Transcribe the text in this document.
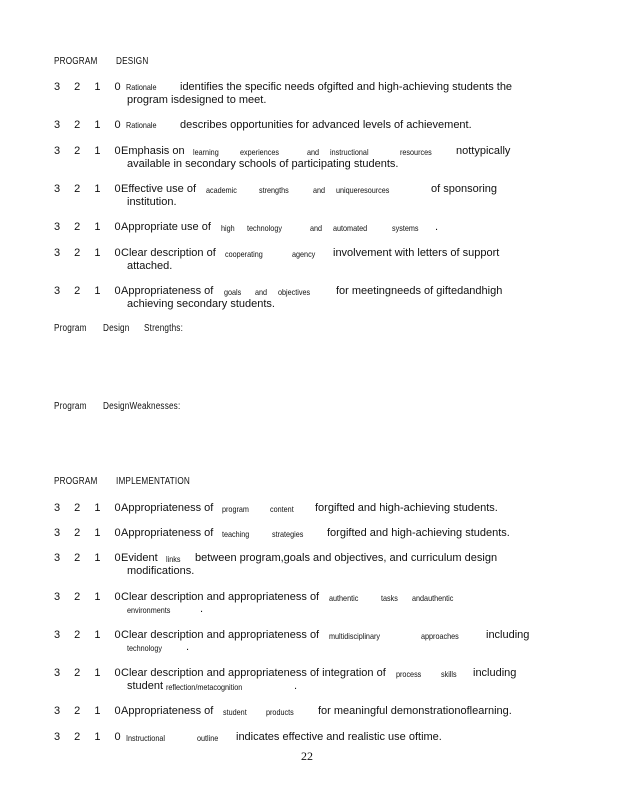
PROGRAM DESIGN
3 2 1 0 Rationale	identifies the specific needs ofgifted and high-achieving students the
program isdesigned to meet.
3 2 1 0 Rationale	describes opportunities for advanced levels of achievement.
3 2 1 0
Emphasis on learning	experiences	and instructional	resources	nottypically
available in secondary schools of participating students.
3 2 1 0
Effective use of academic	strengths	and uniqueresources	of sponsoring
institution.
3 2 1 0
Appropriate use of high technology	and automated	systems	.
3 2 1 0
Clear description of cooperating	agency	involvement with letters of support
attached.
3 2 1 0
Appropriateness of goals	and objectives	for meetingneeds of giftedandhigh
achieving secondary students.
Program Design Strengths:
Program DesignWeaknesses:
PROGRAM IMPLEMENTATION
3 2 1 0
Appropriateness of program	content	forgifted and high-achieving students.
3 2 1 0
Appropriateness of teaching	strategies	forgifted and high-achieving students.
3 2 1 0
Evident links between program,goals and objectives, and curriculum design
modifications.
3 2 1 0
Clear description and appropriateness of authentic	tasks	andauthentic
environments	.
3 2 1 0
Clear description and appropriateness of multidisciplinary	approaches	including
technology	.
3 2 1 0
Clear description and appropriateness of integration of process	skills including
student reflection/metacognition	.
3 2 1 0
Appropriateness of student	products	for meaningful demonstrationoflearning.
3 2 1 0 Instructional	outline	indicates effective and realistic use oftime.
22
